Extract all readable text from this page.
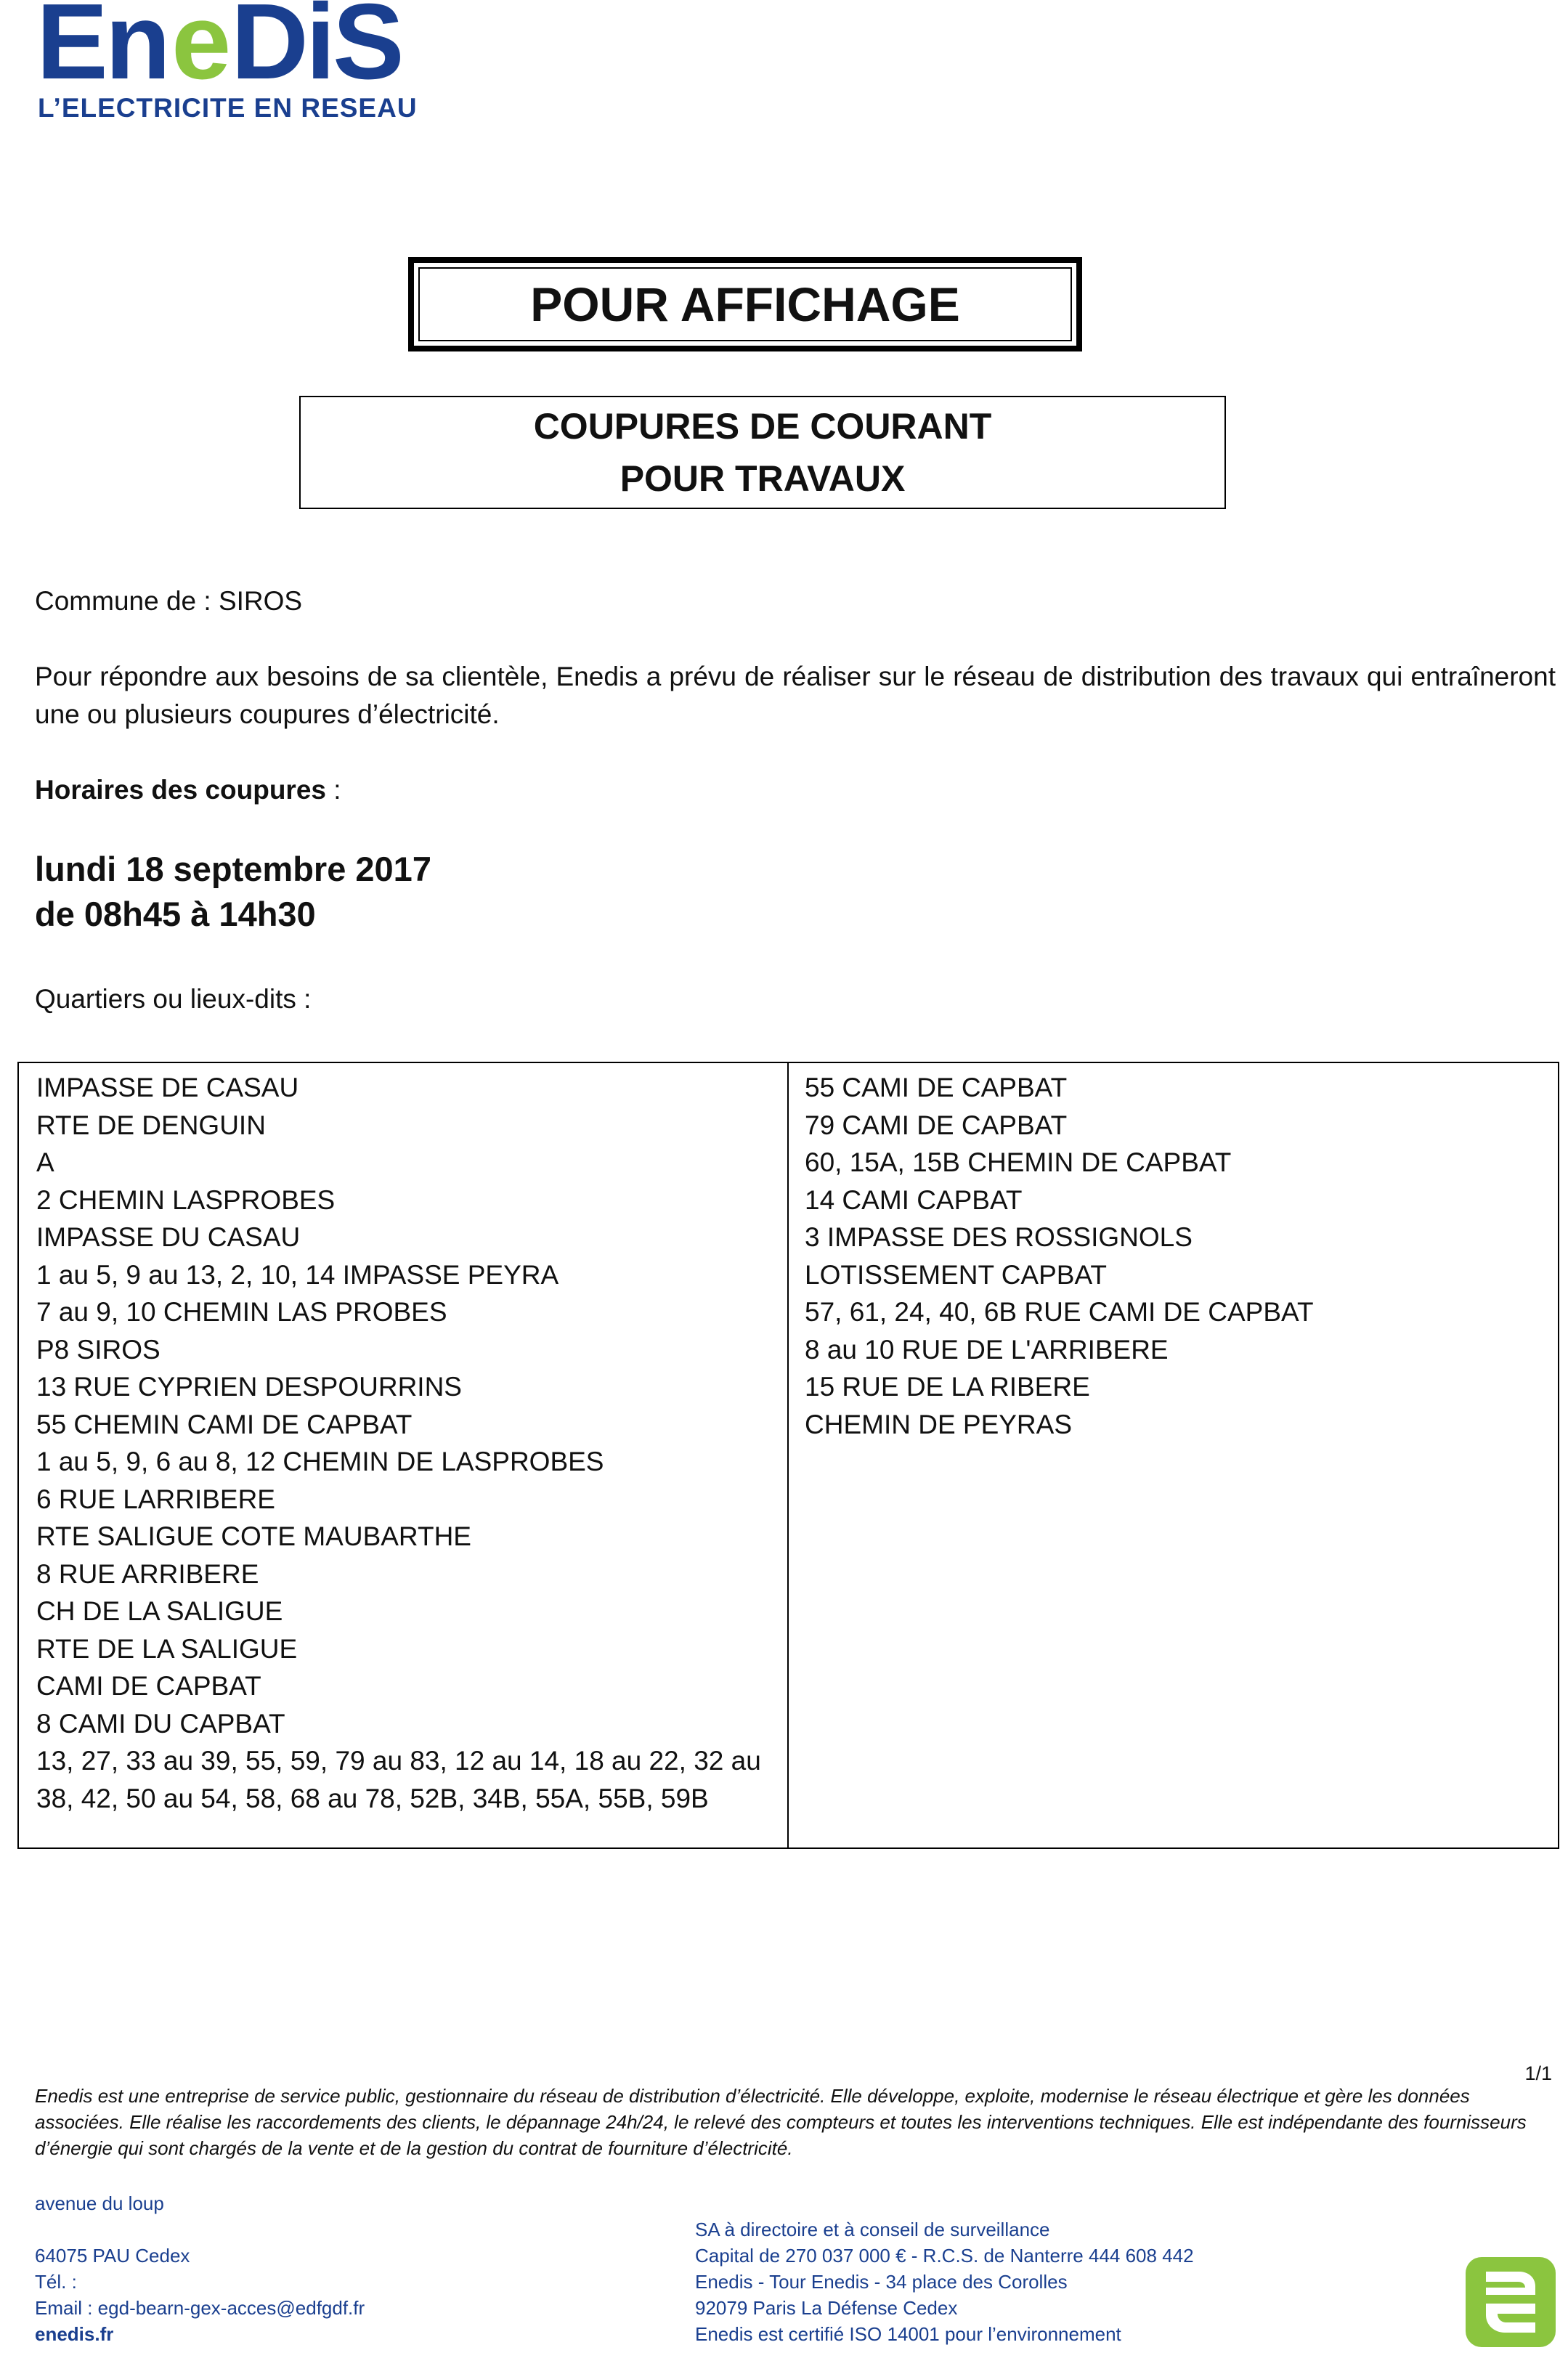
En e DiS
L’ELECTRICITE EN RESEAU
POUR AFFICHAGE
COUPURES DE COURANT
POUR TRAVAUX
Commune de : SIROS

Pour répondre aux besoins de sa clientèle, Enedis a prévu de réaliser sur le réseau de distribution des travaux qui entraîneront une ou plusieurs coupures d’électricité.

Horaires des coupures :
lundi 18 septembre 2017
de 08h45 à 14h30
Quartiers ou lieux-dits :
IMPASSE DE CASAU
RTE DE DENGUIN
A
2 CHEMIN LASPROBES
IMPASSE DU CASAU
1 au 5, 9 au 13, 2, 10, 14 IMPASSE PEYRA
7 au 9, 10 CHEMIN LAS PROBES
P8 SIROS
13 RUE CYPRIEN DESPOURRINS
55 CHEMIN CAMI DE CAPBAT
1 au 5, 9, 6 au 8, 12 CHEMIN DE LASPROBES
6 RUE LARRIBERE
RTE SALIGUE COTE MAUBARTHE
8 RUE ARRIBERE
CH DE LA SALIGUE
RTE DE LA SALIGUE
CAMI DE CAPBAT
8 CAMI DU CAPBAT
13, 27, 33 au 39, 55, 59, 79 au 83, 12 au 14, 18 au 22, 32 au
38, 42, 50 au 54, 58, 68 au 78, 52B, 34B, 55A, 55B, 59B
55 CAMI DE CAPBAT
79 CAMI DE CAPBAT
60, 15A, 15B CHEMIN DE CAPBAT
14 CAMI CAPBAT
3 IMPASSE DES ROSSIGNOLS
LOTISSEMENT CAPBAT
57, 61, 24, 40, 6B RUE CAMI DE CAPBAT
8 au 10 RUE DE L'ARRIBERE
15 RUE DE LA RIBERE
CHEMIN DE PEYRAS
1/1
Enedis est une entreprise de service public, gestionnaire du réseau de distribution d’électricité. Elle développe, exploite, modernise le réseau électrique et gère les données associées. Elle réalise les raccordements des clients, le dépannage 24h/24, le relevé des compteurs et toutes les interventions techniques. Elle est indépendante des fournisseurs d’énergie qui sont chargés de la vente et de la gestion du contrat de fourniture d’électricité.
avenue du loup
64075 PAU Cedex
Tél. :
Email : egd-bearn-gex-acces@edfgdf.fr
enedis.fr
SA à directoire et à conseil de surveillance
Capital de 270 037 000 € - R.C.S. de Nanterre 444 608 442
Enedis - Tour Enedis - 34 place des Corolles
92079 Paris La Défense Cedex
Enedis est certifié ISO 14001 pour l’environnement
